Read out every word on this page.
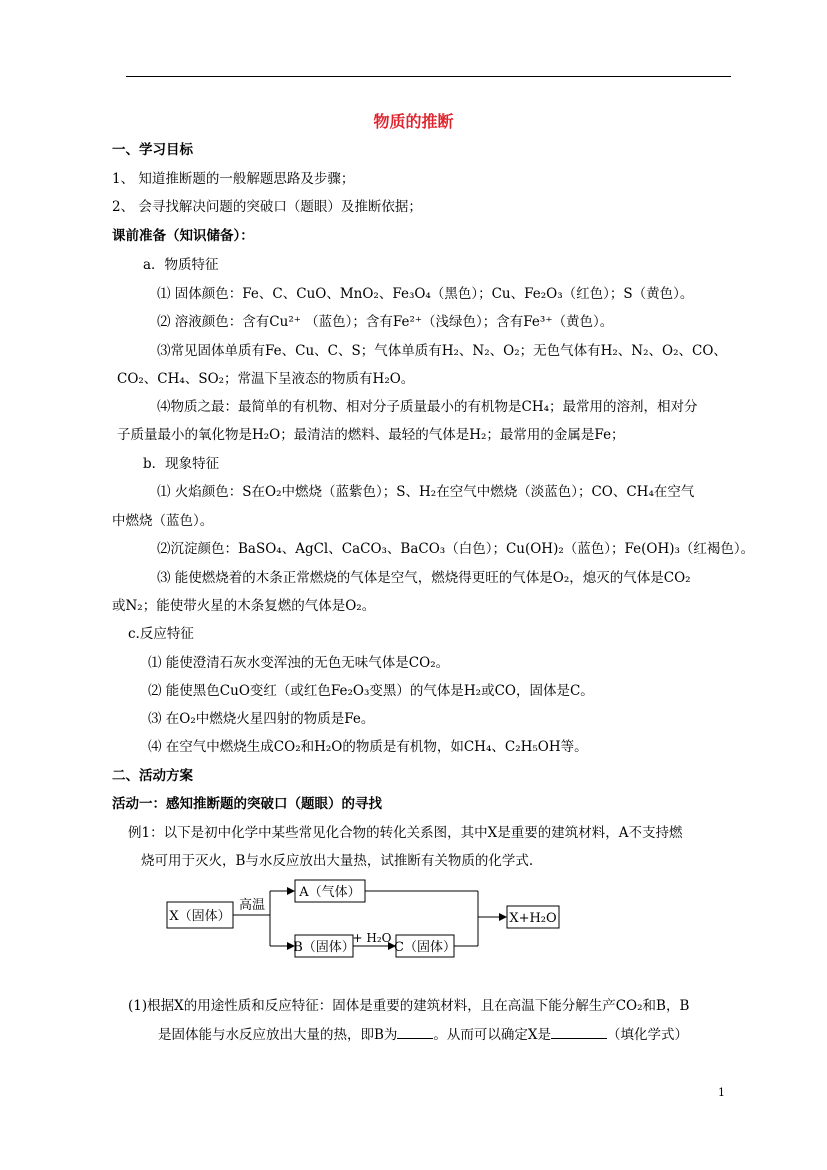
物质的推断
一、学习目标
1、 知道推断题的一般解题思路及步骤；
2、 会寻找解决问题的突破口（题眼）及推断依据；
课前准备（知识储备）：
a．物质特征
⑴ 固体颜色：Fe、C、CuO、MnO₂、Fe₃O₄（黑色）；Cu、Fe₂O₃（红色）；S（黄色）。
⑵ 溶液颜色：含有Cu²⁺ （蓝色）；含有Fe²⁺（浅绿色）；含有Fe³⁺（黄色）。
⑶常见固体单质有Fe、Cu、C、S；气体单质有H₂、N₂、O₂；无色气体有H₂、N₂、O₂、CO、
CO₂、CH₄、SO₂；常温下呈液态的物质有H₂O。
⑷物质之最：最简单的有机物、相对分子质量最小的有机物是CH₄；最常用的溶剂，相对分
子质量最小的氧化物是H₂O；最清洁的燃料、最轻的气体是H₂；最常用的金属是Fe；
b．现象特征
⑴ 火焰颜色：S在O₂中燃烧（蓝紫色）；S、H₂在空气中燃烧（淡蓝色）；CO、CH₄在空气
中燃烧（蓝色）。
⑵沉淀颜色：BaSO₄、AgCl、CaCO₃、BaCO₃（白色）；Cu(OH)₂（蓝色）；Fe(OH)₃（红褐色）。
⑶ 能使燃烧着的木条正常燃烧的气体是空气，燃烧得更旺的气体是O₂，熄灭的气体是CO₂
或N₂；能使带火星的木条复燃的气体是O₂。
c.反应特征
⑴ 能使澄清石灰水变浑浊的无色无味气体是CO₂。
⑵ 能使黑色CuO变红（或红色Fe₂O₃变黑）的气体是H₂或CO，固体是C。
⑶ 在O₂中燃烧火星四射的物质是Fe。
⑷ 在空气中燃烧生成CO₂和H₂O的物质是有机物，如CH₄、C₂H₅OH等。
二、活动方案
活动一：感知推断题的突破口（题眼）的寻找
例1：以下是初中化学中某些常见化合物的转化关系图，其中X是重要的建筑材料，A不支持燃
烧可用于灭火，B与水反应放出大量热，试推断有关物质的化学式.
X（固体）
高温
A（气体）
B（固体）
+ H₂O
C（固体）
X+H₂O
(1)根据X的用途性质和反应特征：固体是重要的建筑材料，且在高温下能分解生产CO₂和B，B
是固体能与水反应放出大量的热，即B为	。从而可以确定X是	（填化学式）
1
